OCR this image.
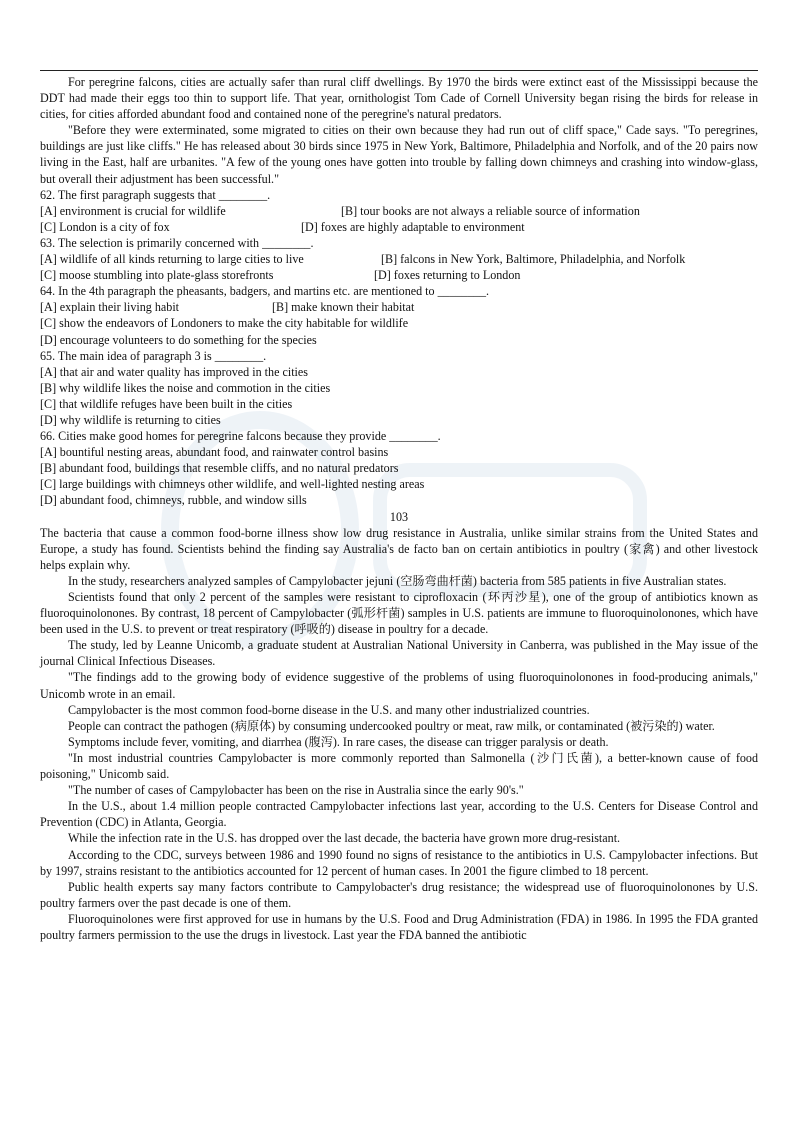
For peregrine falcons, cities are actually safer than rural cliff dwellings. By 1970 the birds were extinct east of the Mississippi because the DDT had made their eggs too thin to support life. That year, ornithologist Tom Cade of Cornell University began rising the birds for release in cities, for cities afforded abundant food and contained none of the peregrine's natural predators.

"Before they were exterminated, some migrated to cities on their own because they had run out of cliff space," Cade says. "To peregrines, buildings are just like cliffs." He has released about 30 birds since 1975 in New York, Baltimore, Philadelphia and Norfolk, and of the 20 pairs now living in the East, half are urbanites. "A few of the young ones have gotten into trouble by falling down chimneys and crashing into window-glass, but overall their adjustment has been successful."

62. The first paragraph suggests that ________.
[A] environment is crucial for wildlife	[B] tour books are not always a reliable source of information
[C] London is a city of fox	[D] foxes are highly adaptable to environment
63. The selection is primarily concerned with ________.
[A] wildlife of all kinds returning to large cities to live	[B] falcons in New York, Baltimore, Philadelphia, and Norfolk
[C] moose stumbling into plate-glass storefronts	[D] foxes returning to London
64. In the 4th paragraph the pheasants, badgers, and martins etc. are mentioned to ________.
[A] explain their living habit	[B] make known their habitat
[C] show the endeavors of Londoners to make the city habitable for wildlife
[D] encourage volunteers to do something for the species
65. The main idea of paragraph 3 is ________.
[A] that air and water quality has improved in the cities
[B] why wildlife likes the noise and commotion in the cities
[C] that wildlife refuges have been built in the cities
[D] why wildlife is returning to cities
66. Cities make good homes for peregrine falcons because they provide ________.
[A] bountiful nesting areas, abundant food, and rainwater control basins
[B] abundant food, buildings that resemble cliffs, and no natural predators
[C] large buildings with chimneys other wildlife, and well-lighted nesting areas
[D] abundant food, chimneys, rubble, and window sills
103

The bacteria that cause a common food-borne illness show low drug resistance in Australia, unlike similar strains from the United States and Europe, a study has found. Scientists behind the finding say Australia's de facto ban on certain antibiotics in poultry (家禽) and other livestock helps explain why.

In the study, researchers analyzed samples of Campylobacter jejuni (空肠弯曲杆菌) bacteria from 585 patients in five Australian states.

Scientists found that only 2 percent of the samples were resistant to ciprofloxacin (环丙沙星), one of the group of antibiotics known as fluoroquinolonones. By contrast, 18 percent of Campylobacter (弧形杆菌) samples in U.S. patients are immune to fluoroquinolonones, which have been used in the U.S. to prevent or treat respiratory (呼吸的) disease in poultry for a decade.

The study, led by Leanne Unicomb, a graduate student at Australian National University in Canberra, was published in the May issue of the journal Clinical Infectious Diseases.

"The findings add to the growing body of evidence suggestive of the problems of using fluoroquinolonones in food-producing animals," Unicomb wrote in an email.

Campylobacter is the most common food-borne disease in the U.S. and many other industrialized countries.

People can contract the pathogen (病原体) by consuming undercooked poultry or meat, raw milk, or contaminated (被污染的) water.

Symptoms include fever, vomiting, and diarrhea (腹泻). In rare cases, the disease can trigger paralysis or death.

"In most industrial countries Campylobacter is more commonly reported than Salmonella (沙门氏菌), a better-known cause of food poisoning," Unicomb said.

"The number of cases of Campylobacter has been on the rise in Australia since the early 90's."

In the U.S., about 1.4 million people contracted Campylobacter infections last year, according to the U.S. Centers for Disease Control and Prevention (CDC) in Atlanta, Georgia.

While the infection rate in the U.S. has dropped over the last decade, the bacteria have grown more drug-resistant.

According to the CDC, surveys between 1986 and 1990 found no signs of resistance to the antibiotics in U.S. Campylobacter infections. But by 1997, strains resistant to the antibiotics accounted for 12 percent of human cases. In 2001 the figure climbed to 18 percent.

Public health experts say many factors contribute to Campylobacter's drug resistance; the widespread use of fluoroquinolonones by U.S. poultry farmers over the past decade is one of them.

Fluoroquinolones were first approved for use in humans by the U.S. Food and Drug Administration (FDA) in 1986. In 1995 the FDA granted poultry farmers permission to the use the drugs in livestock. Last year the FDA banned the antibiotic
